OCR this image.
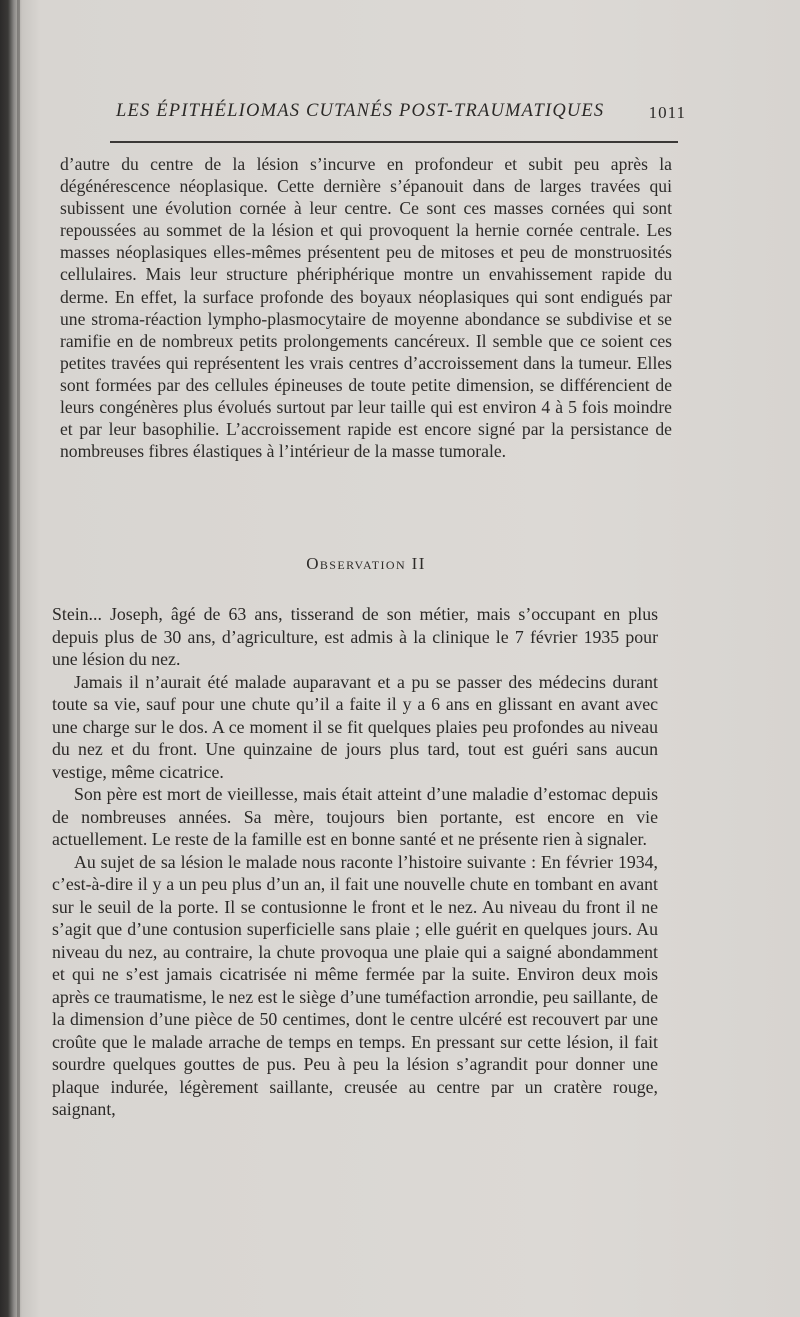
LES ÉPITHÉLIOMAS CUTANÉS POST-TRAUMATIQUES	1011

d’autre du centre de la lésion s’incurve en profondeur et subit peu après la dégénérescence néoplasique. Cette dernière s’épanouit dans de larges travées qui subissent une évolution cornée à leur centre. Ce sont ces masses cornées qui sont repoussées au sommet de la lésion et qui provoquent la hernie cornée centrale. Les masses néoplasiques elles-mêmes présentent peu de mitoses et peu de monstruosités cellulaires. Mais leur structure phériphérique montre un envahissement rapide du derme. En effet, la surface profonde des boyaux néoplasiques qui sont endigués par une stroma-réaction lympho-plasmocytaire de moyenne abondance se subdivise et se ramifie en de nombreux petits prolongements cancéreux. Il semble que ce soient ces petites travées qui représentent les vrais centres d’accroissement dans la tumeur. Elles sont formées par des cellules épineuses de toute petite dimension, se différencient de leurs congénères plus évolués surtout par leur taille qui est environ 4 à 5 fois moindre et par leur basophilie. L’accroissement rapide est encore signé par la persistance de nombreuses fibres élastiques à l’intérieur de la masse tumorale.

Observation II

Stein... Joseph, âgé de 63 ans, tisserand de son métier, mais s’occupant en plus depuis plus de 30 ans, d’agriculture, est admis à la clinique le 7 février 1935 pour une lésion du nez.

Jamais il n’aurait été malade auparavant et a pu se passer des médecins durant toute sa vie, sauf pour une chute qu’il a faite il y a 6 ans en glissant en avant avec une charge sur le dos. A ce moment il se fit quelques plaies peu profondes au niveau du nez et du front. Une quinzaine de jours plus tard, tout est guéri sans aucun vestige, même cicatrice.

Son père est mort de vieillesse, mais était atteint d’une maladie d’estomac depuis de nombreuses années. Sa mère, toujours bien portante, est encore en vie actuellement. Le reste de la famille est en bonne santé et ne présente rien à signaler.

Au sujet de sa lésion le malade nous raconte l’histoire suivante : En février 1934, c’est-à-dire il y a un peu plus d’un an, il fait une nouvelle chute en tombant en avant sur le seuil de la porte. Il se contusionne le front et le nez. Au niveau du front il ne s’agit que d’une contusion superficielle sans plaie ; elle guérit en quelques jours. Au niveau du nez, au contraire, la chute provoqua une plaie qui a saigné abondamment et qui ne s’est jamais cicatrisée ni même fermée par la suite. Environ deux mois après ce traumatisme, le nez est le siège d’une tuméfaction arrondie, peu saillante, de la dimension d’une pièce de 50 centimes, dont le centre ulcéré est recouvert par une croûte que le malade arrache de temps en temps. En pressant sur cette lésion, il fait sourdre quelques gouttes de pus. Peu à peu la lésion s’agrandit pour donner une plaque indurée, légèrement saillante, creusée au centre par un cratère rouge, saignant,
